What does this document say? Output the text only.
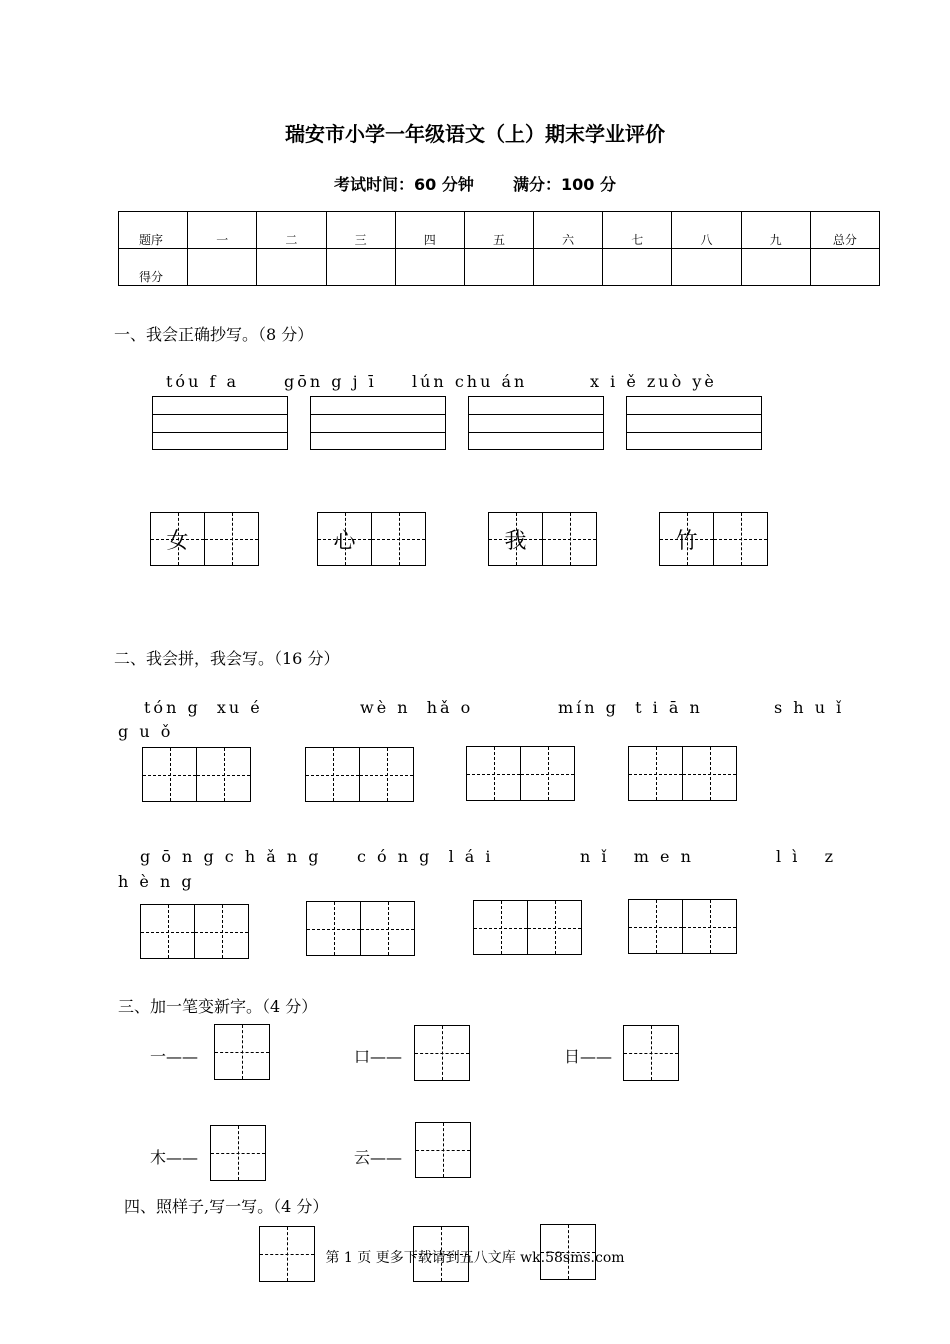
瑞安市小学一年级语文（上）期末学业评价
考试时间：60 分钟 满分：100 分
题序	一	二	三	四	五	六	七	八	九	总分
得分										
一、我会正确抄写。（8 分）
tóu f a	gōn g j ī lún chu án	x i ě zuò yè
女	心	我	竹
二、我会拼，我会写。（16 分）
tón g  xu é	wè n  hǎ o	mín g  t i ā n	s h u ǐ
g u ǒ
g ō n g c h ǎ n g c ó n g  l á i	n ǐ   m e n	l ì   z
h è n g
三、加一笔变新字。（4 分）
一——	口——	日——
木——	云——
四、照样子,写一写。（4 分）
第 1 页 更多下载请到五八文库 wk.58sms.com
